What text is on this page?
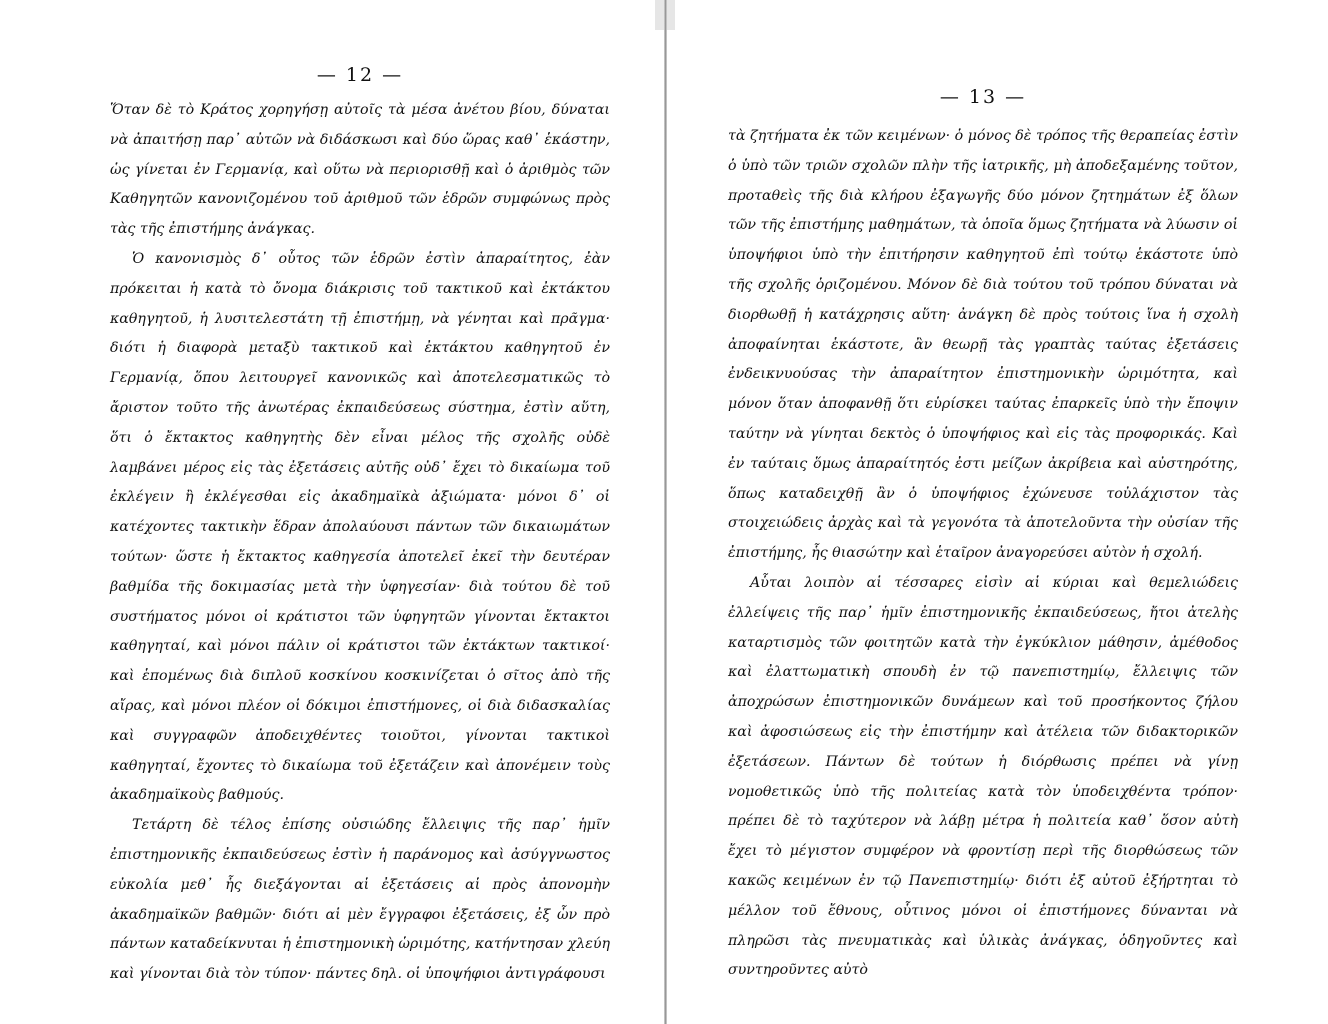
— 12 —

Ὅταν δὲ τὸ Κράτος χορηγήσῃ αὐτοῖς τὰ μέσα ἀνέτου βίου, δύναται νὰ ἀπαιτήσῃ παρ᾽ αὐτῶν νὰ διδάσκωσι καὶ δύο ὥρας καθ᾽ ἑκάστην, ὡς γίνεται ἐν Γερμανίᾳ, καὶ οὕτω νὰ περιορισθῇ καὶ ὁ ἀριθμὸς τῶν Καθηγητῶν κανονιζομένου τοῦ ἀριθμοῦ τῶν ἑδρῶν συμφώνως πρὸς τὰς τῆς ἐπιστήμης ἀνάγκας.

Ὁ κανονισμὸς δ᾽ οὗτος τῶν ἑδρῶν ἐστὶν ἀπαραίτητος, ἐὰν πρόκειται ἡ κατὰ τὸ ὄνομα διάκρισις τοῦ τακτικοῦ καὶ ἐκτάκτου καθηγητοῦ, ἡ λυσιτελεστάτη τῇ ἐπιστήμῃ, νὰ γένηται καὶ πρᾶγμα· διότι ἡ διαφορὰ μεταξὺ τακτικοῦ καὶ ἐκτάκτου καθηγητοῦ ἐν Γερμανίᾳ, ὅπου λειτουργεῖ κανονικῶς καὶ ἀποτελεσματικῶς τὸ ἄριστον τοῦτο τῆς ἀνωτέρας ἐκπαιδεύσεως σύστημα, ἐστὶν αὕτη, ὅτι ὁ ἔκτακτος καθηγητὴς δὲν εἶναι μέλος τῆς σχολῆς οὐδὲ λαμβάνει μέρος εἰς τὰς ἐξετάσεις αὐτῆς οὐδ᾽ ἔχει τὸ δικαίωμα τοῦ ἐκλέγειν ἢ ἐκλέγεσθαι εἰς ἀκαδημαϊκὰ ἀξιώματα· μόνοι δ᾽ οἱ κατέχοντες τακτικὴν ἕδραν ἀπολαύουσι πάντων τῶν δικαιωμάτων τούτων· ὥστε ἡ ἔκτακτος καθηγεσία ἀποτελεῖ ἐκεῖ τὴν δευτέραν βαθμίδα τῆς δοκιμασίας μετὰ τὴν ὑφηγεσίαν· διὰ τούτου δὲ τοῦ συστήματος μόνοι οἱ κράτιστοι τῶν ὑφηγητῶν γίνονται ἔκτακτοι καθηγηταί, καὶ μόνοι πάλιν οἱ κράτιστοι τῶν ἐκτάκτων τακτικοί· καὶ ἑπομένως διὰ διπλοῦ κοσκίνου κοσκινίζεται ὁ σῖτος ἀπὸ τῆς αἴρας, καὶ μόνοι πλέον οἱ δόκιμοι ἐπιστήμονες, οἱ διὰ διδασκαλίας καὶ συγγραφῶν ἀποδειχθέντες τοιοῦτοι, γίνονται τακτικοὶ καθηγηταί, ἔχοντες τὸ δικαίωμα τοῦ ἐξετάζειν καὶ ἀπονέμειν τοὺς ἀκαδημαϊκοὺς βαθμούς.

Τετάρτη δὲ τέλος ἐπίσης οὐσιώδης ἔλλειψις τῆς παρ᾽ ἡμῖν ἐπιστημονικῆς ἐκπαιδεύσεως ἐστὶν ἡ παράνομος καὶ ἀσύγγνωστος εὐκολία μεθ᾽ ἧς διεξάγονται αἱ ἐξετάσεις αἱ πρὸς ἀπονομὴν ἀκαδημαϊκῶν βαθμῶν· διότι αἱ μὲν ἔγγραφοι ἐξετάσεις, ἐξ ὧν πρὸ πάντων καταδείκνυται ἡ ἐπιστημονικὴ ὡριμότης, κατήντησαν χλεύη καὶ γίνονται διὰ τὸν τύπον· πάντες δηλ. οἱ ὑποψήφιοι ἀντιγράφουσι

— 13 —

τὰ ζητήματα ἐκ τῶν κειμένων· ὁ μόνος δὲ τρόπος τῆς θεραπείας ἐστὶν ὁ ὑπὸ τῶν τριῶν σχολῶν πλὴν τῆς ἰατρικῆς, μὴ ἀποδεξαμένης τοῦτον, προταθεὶς τῆς διὰ κλήρου ἐξαγωγῆς δύο μόνον ζητημάτων ἐξ ὅλων τῶν τῆς ἐπιστήμης μαθημάτων, τὰ ὁποῖα ὅμως ζητήματα νὰ λύωσιν οἱ ὑποψήφιοι ὑπὸ τὴν ἐπιτήρησιν καθηγητοῦ ἐπὶ τούτῳ ἑκάστοτε ὑπὸ τῆς σχολῆς ὁριζομένου. Μόνον δὲ διὰ τούτου τοῦ τρόπου δύναται νὰ διορθωθῇ ἡ κατάχρησις αὕτη· ἀνάγκη δὲ πρὸς τούτοις ἵνα ἡ σχολὴ ἀποφαίνηται ἑκάστοτε, ἂν θεωρῇ τὰς γραπτὰς ταύτας ἐξετάσεις ἐνδεικνυούσας τὴν ἀπαραίτητον ἐπιστημονικὴν ὡριμότητα, καὶ μόνον ὅταν ἀποφανθῇ ὅτι εὑρίσκει ταύτας ἐπαρκεῖς ὑπὸ τὴν ἔποψιν ταύτην νὰ γίνηται δεκτὸς ὁ ὑποψήφιος καὶ εἰς τὰς προφορικάς. Καὶ ἐν ταύταις ὅμως ἀπαραίτητός ἐστι μείζων ἀκρίβεια καὶ αὐστηρότης, ὅπως καταδειχθῇ ἂν ὁ ὑποψήφιος ἐχώνευσε τοὐλάχιστον τὰς στοιχειώδεις ἀρχὰς καὶ τὰ γεγονότα τὰ ἀποτελοῦντα τὴν οὐσίαν τῆς ἐπιστήμης, ἧς θιασώτην καὶ ἑταῖρον ἀναγορεύσει αὐτὸν ἡ σχολή.

Αὗται λοιπὸν αἱ τέσσαρες εἰσὶν αἱ κύριαι καὶ θεμελιώδεις ἐλλείψεις τῆς παρ᾽ ἡμῖν ἐπιστημονικῆς ἐκπαιδεύσεως, ἤτοι ἀτελὴς καταρτισμὸς τῶν φοιτητῶν κατὰ τὴν ἐγκύκλιον μάθησιν, ἀμέθοδος καὶ ἐλαττωματικὴ σπουδὴ ἐν τῷ πανεπιστημίῳ, ἔλλειψις τῶν ἀποχρώσων ἐπιστημονικῶν δυνάμεων καὶ τοῦ προσήκοντος ζήλου καὶ ἀφοσιώσεως εἰς τὴν ἐπιστήμην καὶ ἀτέλεια τῶν διδακτορικῶν ἐξετάσεων. Πάντων δὲ τούτων ἡ διόρθωσις πρέπει νὰ γίνῃ νομοθετικῶς ὑπὸ τῆς πολιτείας κατὰ τὸν ὑποδειχθέντα τρόπον· πρέπει δὲ τὸ ταχύτερον νὰ λάβῃ μέτρα ἡ πολιτεία καθ᾽ ὅσον αὐτὴ ἔχει τὸ μέγιστον συμφέρον νὰ φροντίσῃ περὶ τῆς διορθώσεως τῶν κακῶς κειμένων ἐν τῷ Πανεπιστημίῳ· διότι ἐξ αὐτοῦ ἐξήρτηται τὸ μέλλον τοῦ ἔθνους, οὗτινος μόνοι οἱ ἐπιστήμονες δύνανται νὰ πληρῶσι τὰς πνευματικὰς καὶ ὑλικὰς ἀνάγκας, ὁδηγοῦντες καὶ συντηροῦντες αὐτὸ
